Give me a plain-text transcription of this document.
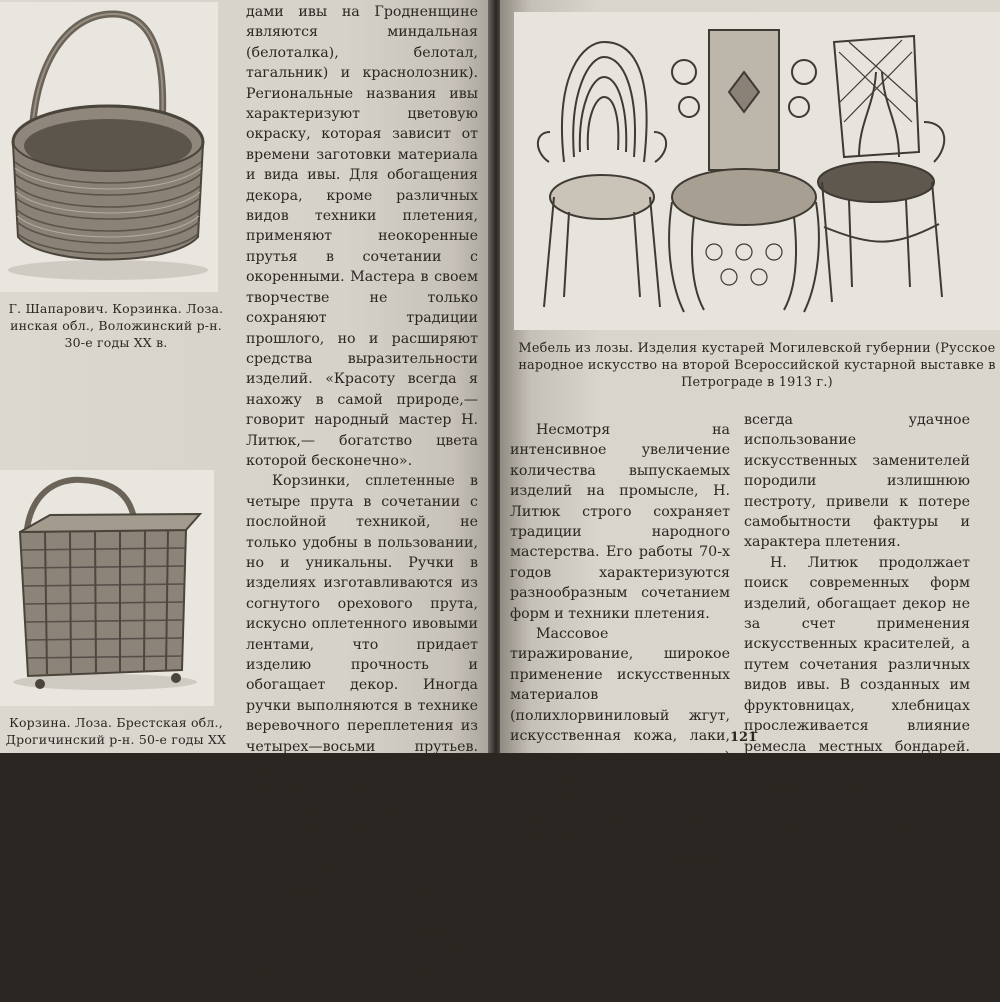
Г. Шапарович. Корзинка. Лоза. инская обл., Воложинский р-н. 30-е годы XX в.
Корзина. Лоза. Брестская обл., Дрогичинский р-н. 50-е годы XX в.

дами ивы на Гродненщине являются миндальная (белоталка), белотал, тагальник) и краснолозник). Региональные названия ивы характеризуют цветовую окраску, которая зависит от времени заготовки материала и вида ивы. Для обогащения декора, кроме различных видов техники плетения, применяют неокоренные прутья в сочетании с окоренными. Мастера в своем творчестве не только сохраняют традиции прошлого, но и расширяют средства выразительности изделий. «Красоту всегда я нахожу в самой природе,— говорит народный мастер Н. Литюк,— богатство цвета которой бесконечно».

Корзинки, сплетенные в четыре прута в сочетании с послойной техникой, не только удобны в пользовании, но и уникальны. Ручки в изделиях изготавливаются из согнутого орехового прута, искусно оплетенного ивовыми лентами, что придает изделию прочность и обогащает декор. Иногда ручки выполняются в технике веревочного переплетения из четырех—восьми прутьев. Прутья могут применяться как однородные, так и из разнообразных видов ивы.

В творчестве Н. Литюка прослеживается стилистическая общность с народным традиционным лозоплетением Западного Полесья, отличающимся богатством цветовых сочетаний и конструктивной строгостью.

Мебель из лозы. Изделия кустарей Могилевской губернии (Русское народное искусство на второй Всероссийской кустарной выставке в Петрограде в 1913 г.)

Несмотря на интенсивное увеличение количества выпускаемых изделий на промысле, Н. Литюк строго сохраняет традиции народного мастерства. Его работы 70-х годов характеризуются разнообразным сочетанием форм и техники плетения.

Массовое тиражирование, широкое применение искусственных материалов (полихлорвиниловый жгут, искусственная кожа, лаки, водорастворимые краски) привели к некоторому снижению своеобразия и художественной ценности традиционных изделий. Отказ от традиционных материалов и не

всегда удачное использование искусственных заменителей породили излишнюю пестроту, привели к потере самобытности фактуры и характера плетения.

Н. Литюк продолжает поиск современных форм изделий, обогащает декор не за счет применения искусственных красителей, а путем сочетания различных видов ивы. В созданных им фруктовницах, хлебницах прослеживается влияние ремесла местных бондарей. Плетение в два прута с последовательным перевиванием создает функционально прочное и в то же время при-

121
